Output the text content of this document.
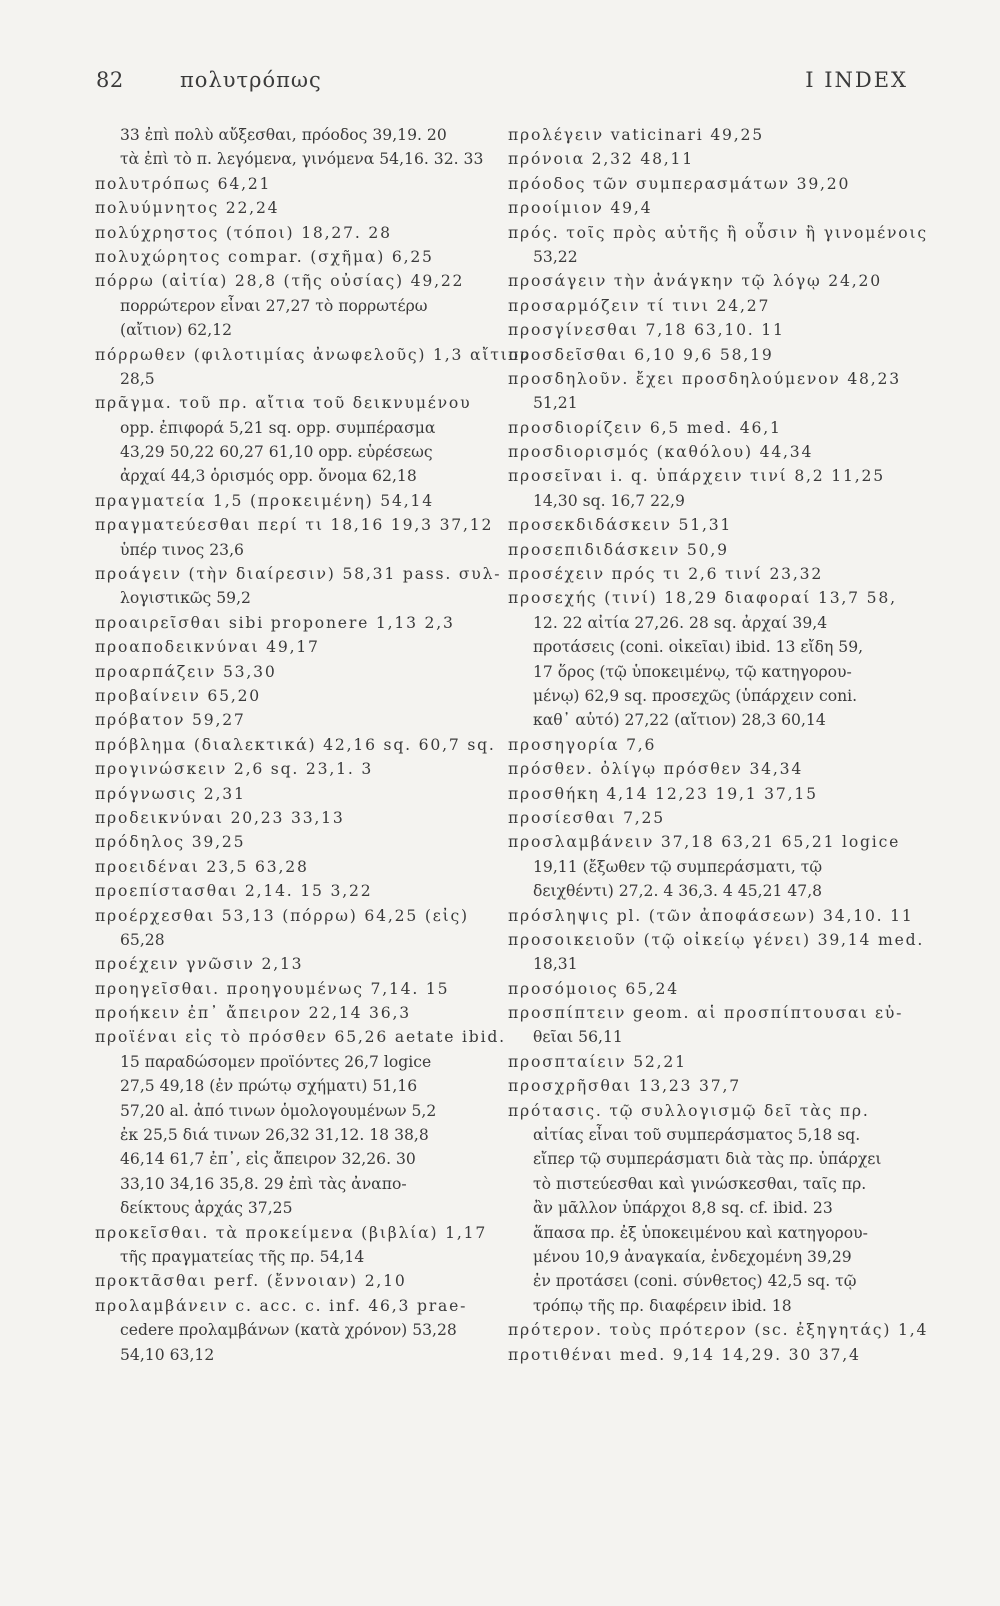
82	πολυτρόπως	I INDEX
33 ἐπὶ πολὺ αὔξεσθαι, πρόοδος 39,19. 20
τὰ ἐπὶ τὸ π. λεγόμενα, γινόμενα 54,16. 32. 33
πολυτρόπως 64,21
πολυύμνητος 22,24
πολύχρηστος (τόποι) 18,27. 28
πολυχώρητος compar. (σχῆμα) 6,25
πόρρω (αἰτία) 28,8 (τῆς οὐσίας) 49,22
πορρώτερον εἶναι 27,27 τὸ πορρωτέρω
(αἴτιον) 62,12
πόρρωθεν (φιλοτιμίας ἀνωφελοῦς) 1,3 αἴτιον
28,5
πρᾶγμα. τοῦ πρ. αἴτια τοῦ δεικνυμένου
opp. ἐπιφορά 5,21 sq. opp. συμπέρασμα
43,29 50,22 60,27 61,10 opp. εὑρέσεως
ἀρχαί 44,3 ὁρισμός opp. ὄνομα 62,18
πραγματεία 1,5 (προκειμένη) 54,14
πραγματεύεσθαι περί τι 18,16 19,3 37,12
ὑπέρ τινος 23,6
προάγειν (τὴν διαίρεσιν) 58,31 pass. συλ-
λογιστικῶς 59,2
προαιρεῖσθαι sibi proponere 1,13 2,3
προαποδεικνύναι 49,17
προαρπάζειν 53,30
προβαίνειν 65,20
πρόβατον 59,27
πρόβλημα (διαλεκτικά) 42,16 sq. 60,7 sq.
προγινώσκειν 2,6 sq. 23,1. 3
πρόγνωσις 2,31
προδεικνύναι 20,23 33,13
πρόδηλος 39,25
προειδέναι 23,5 63,28
προεπίστασθαι 2,14. 15 3,22
προέρχεσθαι 53,13 (πόρρω) 64,25 (εἰς)
65,28
προέχειν γνῶσιν 2,13
προηγεῖσθαι. προηγουμένως 7,14. 15
προήκειν ἐπ᾽ ἄπειρον 22,14 36,3
προϊέναι εἰς τὸ πρόσθεν 65,26 aetate ibid.
15 παραδώσομεν προϊόντες 26,7 logice
27,5 49,18 (ἐν πρώτῳ σχήματι) 51,16
57,20 al. ἀπό τινων ὁμολογουμένων 5,2
ἐκ 25,5 διά τινων 26,32 31,12. 18 38,8
46,14 61,7 ἐπ᾽, εἰς ἄπειρον 32,26. 30
33,10 34,16 35,8. 29 ἐπὶ τὰς ἀναπο-
δείκτους ἀρχάς 37,25
προκεῖσθαι. τὰ προκείμενα (βιβλία) 1,17
τῆς πραγματείας τῆς πρ. 54,14
προκτᾶσθαι perf. (ἔννοιαν) 2,10
προλαμβάνειν c. acc. c. inf. 46,3 prae-
cedere προλαμβάνων (κατὰ χρόνον) 53,28
54,10 63,12
προλέγειν vaticinari 49,25
πρόνοια 2,32 48,11
πρόοδος τῶν συμπερασμάτων 39,20
προοίμιον 49,4
πρός. τοῖς πρὸς αὐτῆς ἢ οὖσιν ἢ γινομένοις
53,22
προσάγειν τὴν ἀνάγκην τῷ λόγῳ 24,20
προσαρμόζειν τί τινι 24,27
προσγίνεσθαι 7,18 63,10. 11
προσδεῖσθαι 6,10 9,6 58,19
προσδηλοῦν. ἔχει προσδηλούμενον 48,23
51,21
προσδιορίζειν 6,5 med. 46,1
προσδιορισμός (καθόλου) 44,34
προσεῖναι i. q. ὑπάρχειν τινί 8,2 11,25
14,30 sq. 16,7 22,9
προσεκδιδάσκειν 51,31
προσεπιδιδάσκειν 50,9
προσέχειν πρός τι 2,6 τινί 23,32
προσεχής (τινί) 18,29 διαφοραί 13,7 58,
12. 22 αἰτία 27,26. 28 sq. ἀρχαί 39,4
προτάσεις (coni. οἰκεῖαι) ibid. 13 εἴδη 59,
17 ὅρος (τῷ ὑποκειμένῳ, τῷ κατηγορου-
μένῳ) 62,9 sq. προσεχῶς (ὑπάρχειν coni.
καθ᾽ αὑτό) 27,22 (αἴτιον) 28,3 60,14
προσηγορία 7,6
πρόσθεν. ὀλίγῳ πρόσθεν 34,34
προσθήκη 4,14 12,23 19,1 37,15
προσίεσθαι 7,25
προσλαμβάνειν 37,18 63,21 65,21 logice
19,11 (ἔξωθεν τῷ συμπεράσματι, τῷ
δειχθέντι) 27,2. 4 36,3. 4 45,21 47,8
πρόσληψις pl. (τῶν ἀποφάσεων) 34,10. 11
προσοικειοῦν (τῷ οἰκείῳ γένει) 39,14 med.
18,31
προσόμοιος 65,24
προσπίπτειν geom. αἱ προσπίπτουσαι εὐ-
θεῖαι 56,11
προσπταίειν 52,21
προσχρῆσθαι 13,23 37,7
πρότασις. τῷ συλλογισμῷ δεῖ τὰς πρ.
αἰτίας εἶναι τοῦ συμπεράσματος 5,18 sq.
εἴπερ τῷ συμπεράσματι διὰ τὰς πρ. ὑπάρχει
τὸ πιστεύεσθαι καὶ γινώσκεσθαι, ταῖς πρ.
ἂν μᾶλλον ὑπάρχοι 8,8 sq. cf. ibid. 23
ἅπασα πρ. ἐξ ὑποκειμένου καὶ κατηγορου-
μένου 10,9 ἀναγκαία, ἐνδεχομένη 39,29
ἐν προτάσει (coni. σύνθετος) 42,5 sq. τῷ
τρόπῳ τῆς πρ. διαφέρειν ibid. 18
πρότερον. τοὺς πρότερον (sc. ἐξηγητάς) 1,4
προτιθέναι med. 9,14 14,29. 30 37,4
